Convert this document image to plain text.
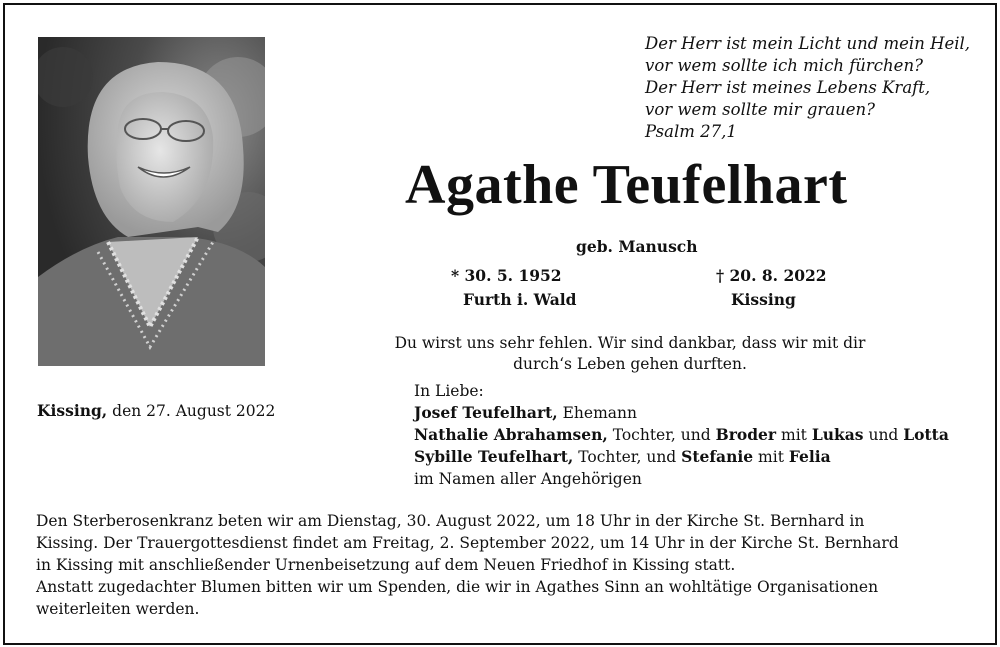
Der Herr ist mein Licht und mein Heil,
vor wem sollte ich mich fürchen?
Der Herr ist meines Lebens Kraft,
vor wem sollte mir grauen?
Psalm 27,1
Agathe Teufelhart
geb. Manusch
* 30. 5. 1952
Furth i. Wald
† 20. 8. 2022
Kissing
Du wirst uns sehr fehlen. Wir sind dankbar, dass wir mit dir
durch‘s Leben gehen durften.
Kissing, den 27. August 2022
In Liebe:
Josef Teufelhart, Ehemann
Nathalie Abrahamsen, Tochter, und Broder mit Lukas und Lotta
Sybille Teufelhart, Tochter, und Stefanie mit Felia
im Namen aller Angehörigen
Den Sterberosenkranz beten wir am Dienstag, 30. August 2022, um 18 Uhr in der Kirche St. Bernhard in
Kissing. Der Trauergottesdienst findet am Freitag, 2. September 2022, um 14 Uhr in der Kirche St. Bernhard
in Kissing mit anschließender Urnenbeisetzung auf dem Neuen Friedhof in Kissing statt.
Anstatt zugedachter Blumen bitten wir um Spenden, die wir in Agathes Sinn an wohltätige Organisationen
weiterleiten werden.
